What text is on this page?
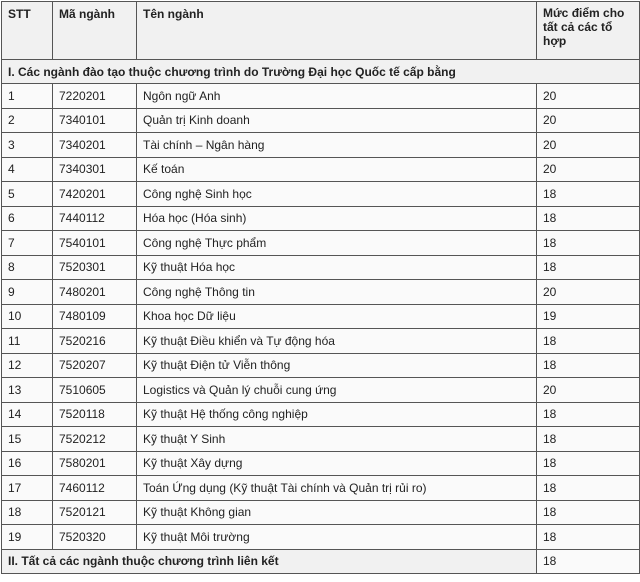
STT	Mã ngành	Tên ngành	Mức điểm cho tất cả các tổ hợp
I. Các ngành đào tạo thuộc chương trình do Trường Đại học Quốc tế cấp bằng			
1	7220201	Ngôn ngữ Anh	20
2	7340101	Quản trị Kinh doanh	20
3	7340201	Tài chính – Ngân hàng	20
4	7340301	Kế toán	20
5	7420201	Công nghệ Sinh học	18
6	7440112	Hóa học (Hóa sinh)	18
7	7540101	Công nghệ Thực phẩm	18
8	7520301	Kỹ thuật Hóa học	18
9	7480201	Công nghệ Thông tin	20
10	7480109	Khoa học Dữ liệu	19
11	7520216	Kỹ thuật Điều khiển và Tự động hóa	18
12	7520207	Kỹ thuật Điện tử Viễn thông	18
13	7510605	Logistics và Quản lý chuỗi cung ứng	20
14	7520118	Kỹ thuật Hệ thống công nghiệp	18
15	7520212	Kỹ thuật Y Sinh	18
16	7580201	Kỹ thuật Xây dựng	18
17	7460112	Toán Ứng dụng (Kỹ thuật Tài chính và Quản trị rủi ro)	18
18	7520121	Kỹ thuật Không gian	18
19	7520320	Kỹ thuật Môi trường	18
II. Tất cả các ngành thuộc chương trình liên kết			18
